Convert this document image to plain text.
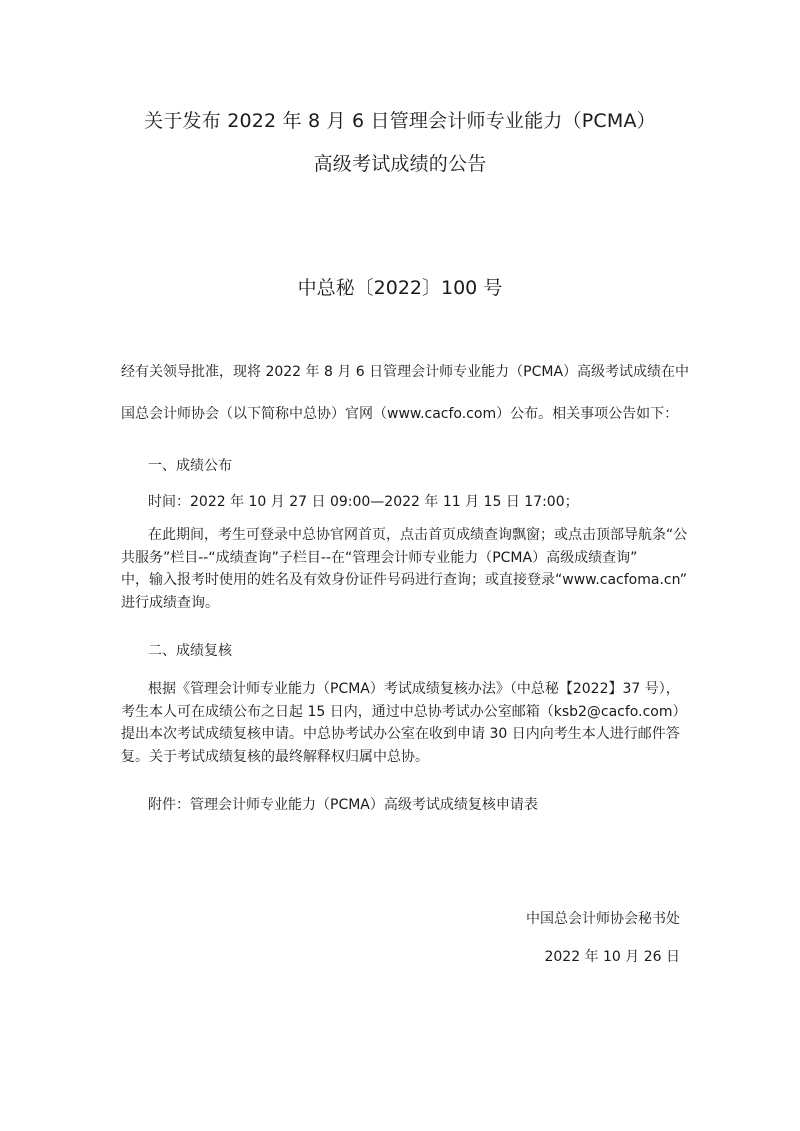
关于发布 2022 年 8 月 6 日管理会计师专业能力（PCMA）
高级考试成绩的公告
中总秘〔2022〕100 号
经有关领导批准，现将 2022 年 8 月 6 日管理会计师专业能力（PCMA）高级考试成绩在中
国总会计师协会（以下简称中总协）官网（www.cacfo.com）公布。相关事项公告如下：
一、成绩公布
时间：2022 年 10 月 27 日 09:00—2022 年 11 月 15 日 17:00；
在此期间，考生可登录中总协官网首页，点击首页成绩查询飘窗；或点击顶部导航条“公
共服务”栏目--“成绩查询”子栏目--在“管理会计师专业能力（PCMA）高级成绩查询”
中，输入报考时使用的姓名及有效身份证件号码进行查询；或直接登录“www.cacfoma.cn”
进行成绩查询。
二、成绩复核
根据《管理会计师专业能力（PCMA）考试成绩复核办法》（中总秘【2022】37 号），
考生本人可在成绩公布之日起 15 日内，通过中总协考试办公室邮箱（ksb2@cacfo.com）
提出本次考试成绩复核申请。中总协考试办公室在收到申请 30 日内向考生本人进行邮件答
复。关于考试成绩复核的最终解释权归属中总协。
附件：管理会计师专业能力（PCMA）高级考试成绩复核申请表
中国总会计师协会秘书处
2022 年 10 月 26 日
